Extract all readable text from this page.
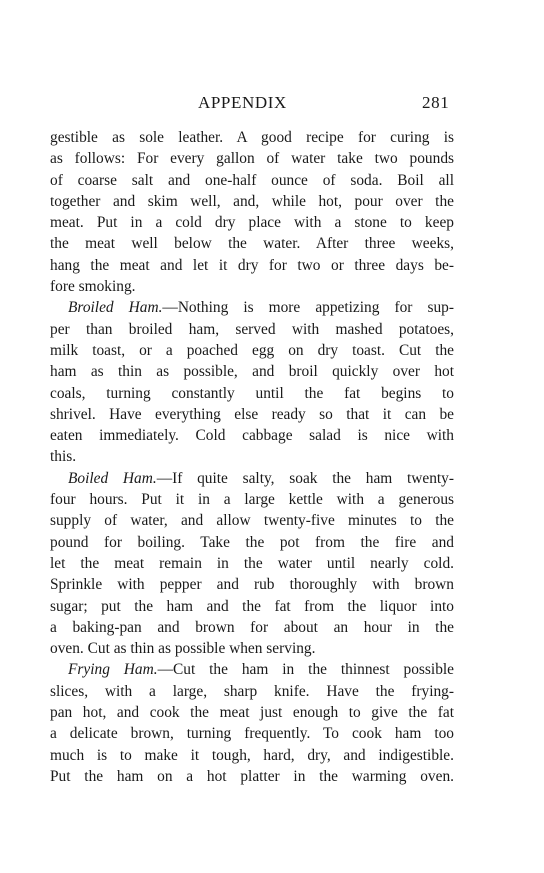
APPENDIX	281
gestible as sole leather. A good recipe for curing is
as follows: For every gallon of water take two pounds
of coarse salt and one-half ounce of soda. Boil all
together and skim well, and, while hot, pour over the
meat. Put in a cold dry place with a stone to keep
the meat well below the water. After three weeks,
hang the meat and let it dry for two or three days be-
fore smoking.
Broiled Ham.—Nothing is more appetizing for sup-
per than broiled ham, served with mashed potatoes,
milk toast, or a poached egg on dry toast. Cut the
ham as thin as possible, and broil quickly over hot
coals, turning constantly until the fat begins to
shrivel. Have everything else ready so that it can be
eaten immediately. Cold cabbage salad is nice with
this.
Boiled Ham.—If quite salty, soak the ham twenty-
four hours. Put it in a large kettle with a generous
supply of water, and allow twenty-five minutes to the
pound for boiling. Take the pot from the fire and
let the meat remain in the water until nearly cold.
Sprinkle with pepper and rub thoroughly with brown
sugar; put the ham and the fat from the liquor into
a baking-pan and brown for about an hour in the
oven. Cut as thin as possible when serving.
Frying Ham.—Cut the ham in the thinnest possible
slices, with a large, sharp knife. Have the frying-
pan hot, and cook the meat just enough to give the fat
a delicate brown, turning frequently. To cook ham too
much is to make it tough, hard, dry, and indigestible.
Put the ham on a hot platter in the warming oven.
